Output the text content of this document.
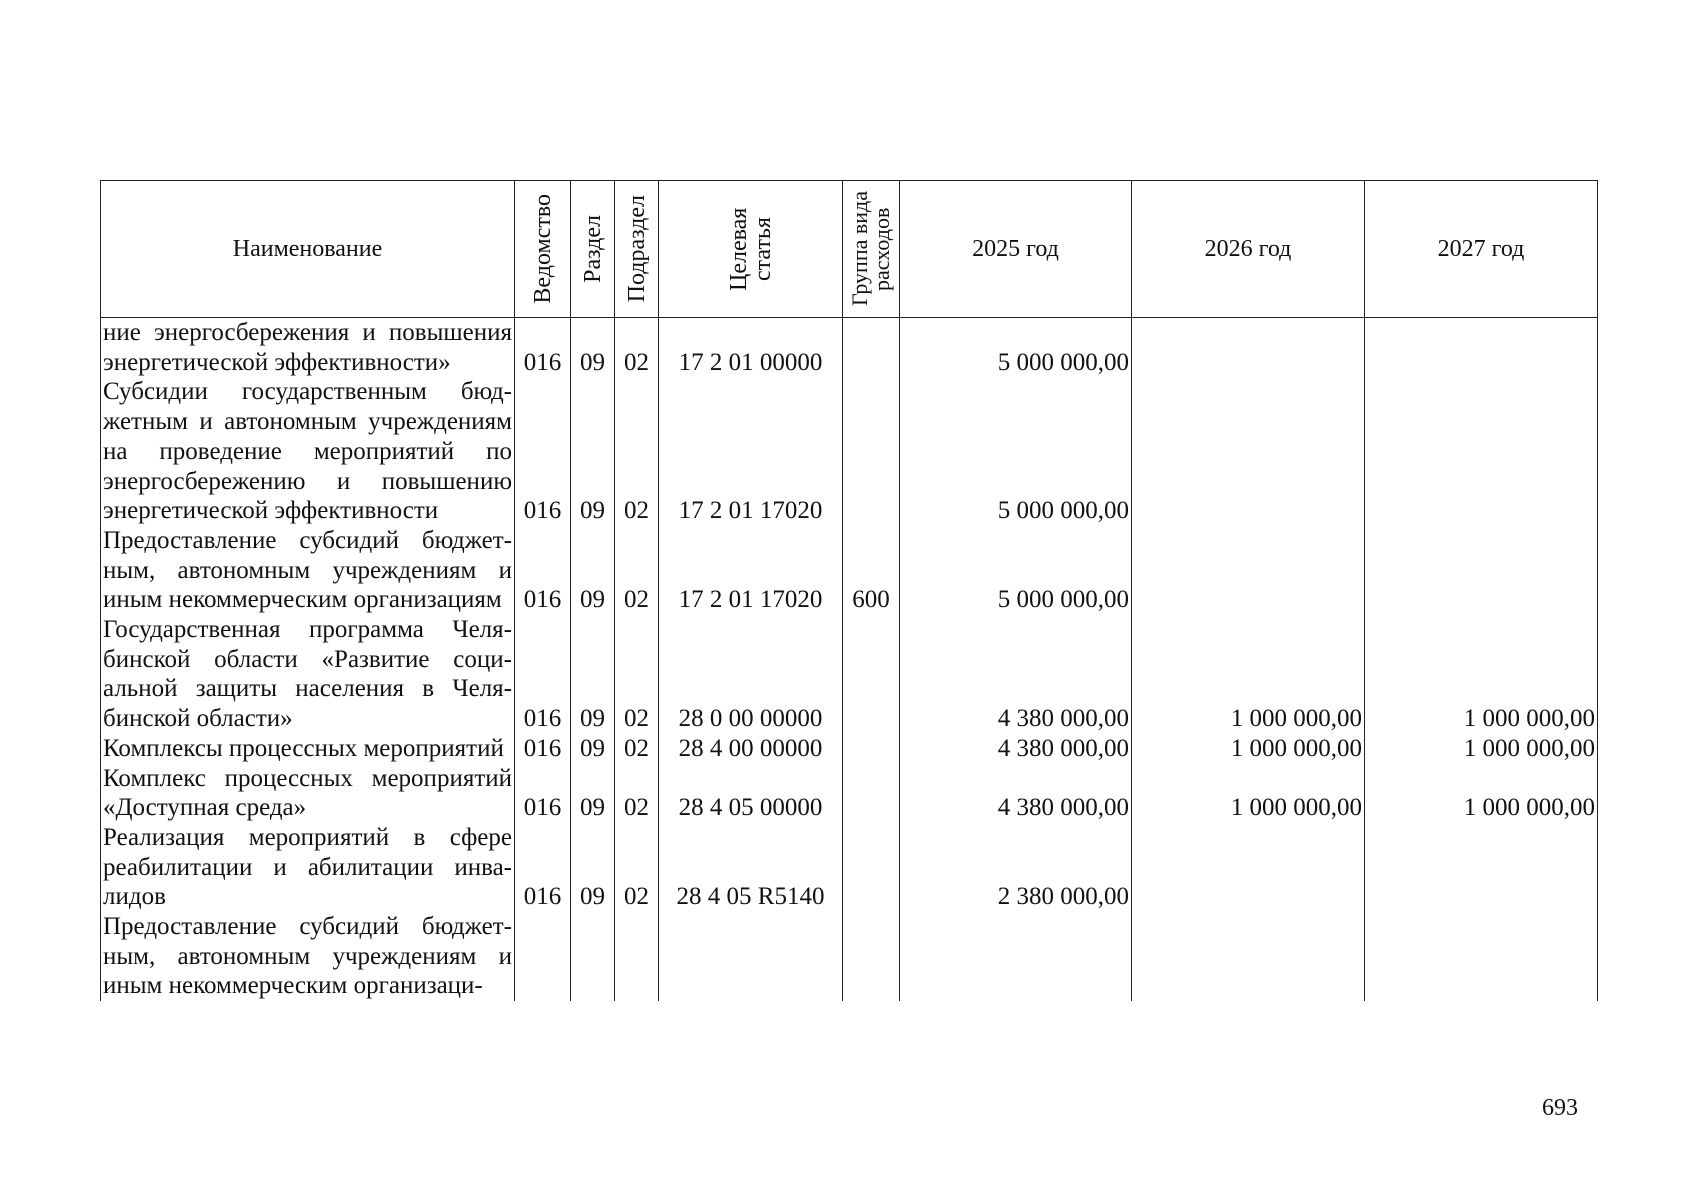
Наименование	Ведомство	Раздел	Подраздел	Целевая статья	Группа вида расходов	2025 год	2026 год	2027 год
ние энергосбережения и повышения энергетической эффективности»	016	09	02	17 2 01 00000		5 000 000,00		
Субсидии государственным бюджетным и автономным учреждениям на проведение мероприятий по энергосбережению и повышению энергетической эффективности	016	09	02	17 2 01 17020		5 000 000,00		
Предоставление субсидий бюджетным, автономным учреждениям и иным некоммерческим организациям	016	09	02	17 2 01 17020	600	5 000 000,00		
Государственная программа Челябинской области «Развитие социальной защиты населения в Челябинской области»	016	09	02	28 0 00 00000		4 380 000,00	1 000 000,00	1 000 000,00
Комплексы процессных мероприятий	016	09	02	28 4 00 00000		4 380 000,00	1 000 000,00	1 000 000,00
Комплекс процессных мероприятий «Доступная среда»	016	09	02	28 4 05 00000		4 380 000,00	1 000 000,00	1 000 000,00
Реализация мероприятий в сфере реабилитации и абилитации инвалидов	016	09	02	28 4 05 R5140		2 380 000,00		
Предоставление субсидий бюджетным, автономным учреждениям и иным некоммерческим организаци-								
693
